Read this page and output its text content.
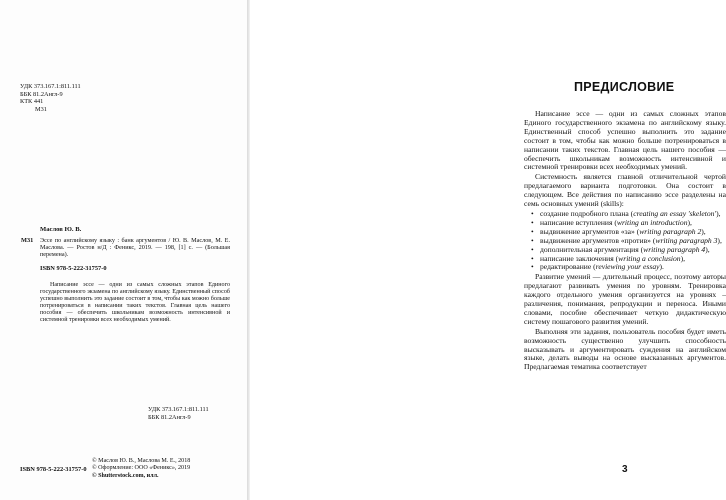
УДК 373.167.1:811.111
ББК 81.2Англ-9
КТК 441
М31
Маслов Ю. В.
М31 Эссе по английскому языку : банк аргументов / Ю. В. Маслов, М. Е. Маслова. — Ростов н/Д : Феникс, 2019. — 198, [1] с. — (Большая перемена).
ISBN 978-5-222-31757-0
Написание эссе — одни из самых сложных этапов Единого государственного экзамена по английскому языку. Единственный способ успешно выполнить это задание состоит в том, чтобы как можно больше потренироваться в написании таких текстов. Главная цель нашего пособия — обеспечить школьникам возможность интенсивной и системной тренировки всех необходимых умений.
УДК 373.167.1:811.111
ББК 81.2Англ-9
ISBN 978-5-222-31757-0
© Маслов Ю. В., Маслова М. Е., 2018
© Оформление: ООО «Феникс», 2019
© Shutterstock.com, илл.
ПРЕДИСЛОВИЕ

Написание эссе — одни из самых сложных этапов Единого государственного экзамена по английскому языку. Единственный способ успешно выполнить это задание состоит в том, чтобы как можно больше потренироваться в написании таких текстов. Главная цель нашего пособия — обеспечить школьникам возможность интенсивной и системной тренировки всех необходимых умений.

Системность является главной отличительной чертой предлагаемого варианта подготовки. Она состоит в следующем. Все действия по написанию эссе разделены на семь основных умений (skills):

• создание подробного плана (creating an essay 'skeleton'),
• написание вступления (writing an introduction),
• выдвижение аргументов «за» (writing paragraph 2),
• выдвижение аргументов «против» (writing paragraph 3),
• дополнительная аргументация (writing paragraph 4),
• написание заключения (writing a conclusion),
• редактирование (reviewing your essay).

Развитие умений — длительный процесс, поэтому авторы предлагают развивать умения по уровням. Тренировка каждого отдельного умения организуется на уровнях – различения, понимания, репродукции и переноса. Иными словами, пособие обеспечивает четкую дидактическую систему пошагового развития умений.

Выполняя эти задания, пользователь пособия будет иметь возможность существенно улучшить способность высказывать и аргументировать суждения на английском языке, делать выводы на основе высказанных аргументов. Предлагаемая тематика соответствует

3
